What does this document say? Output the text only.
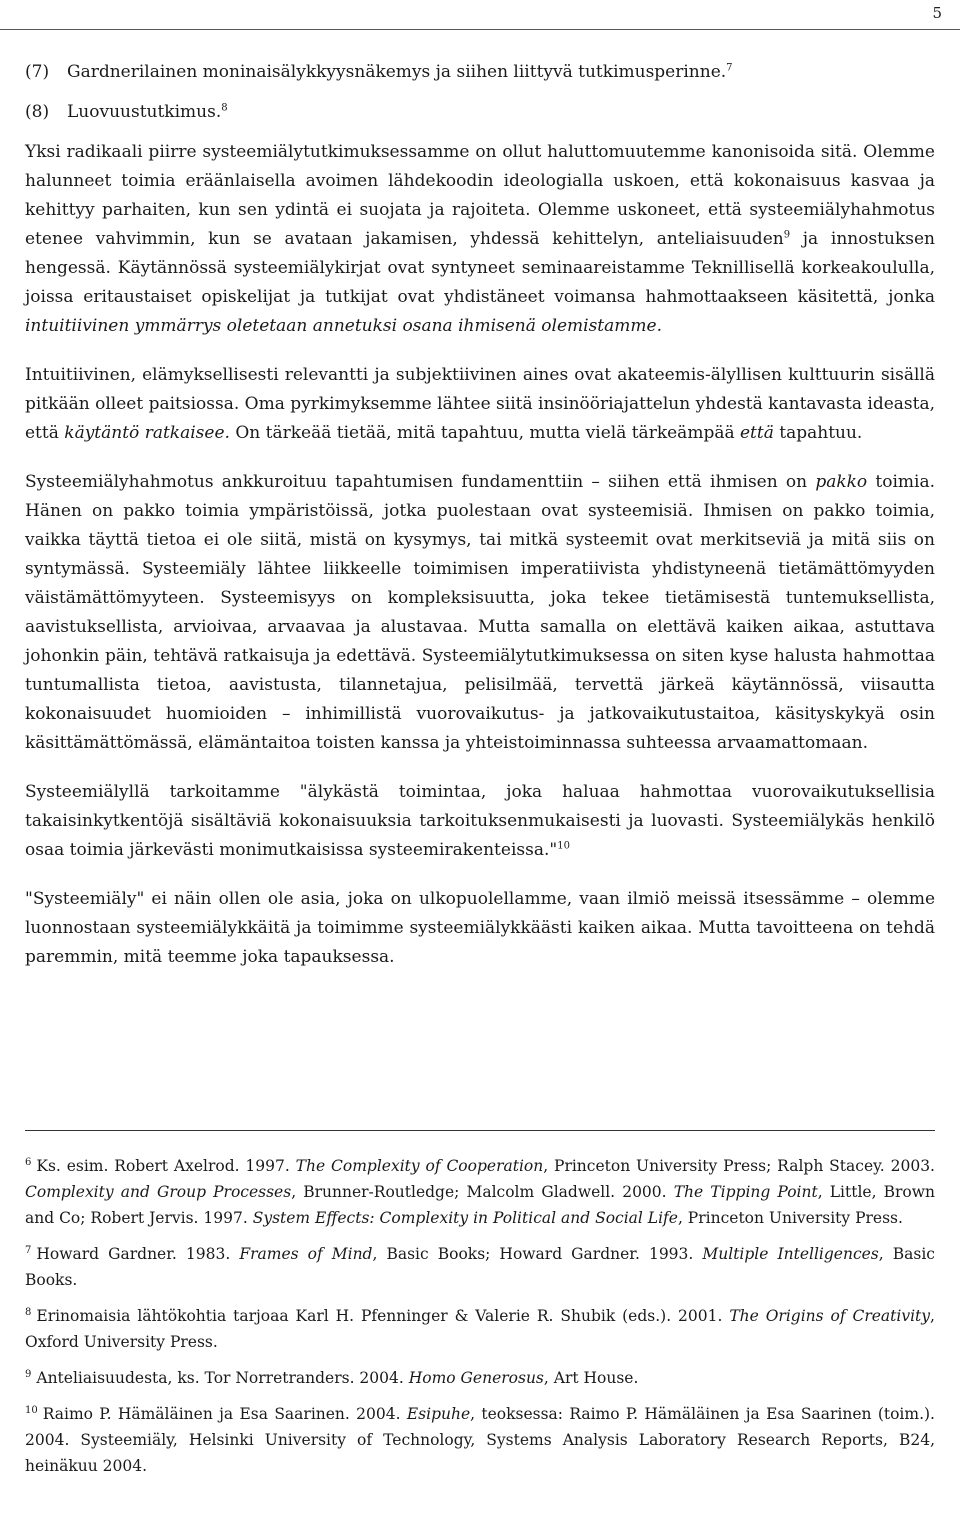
5
(7)	Gardnerilainen moninaisälykkyysnäkemys ja siihen liittyvä tutkimusperinne.$^7$
(8)	Luovuustutkimus.$^8$

Yksi radikaali piirre systeemiälytutkimuksessamme on ollut haluttomuutemme kanonisoida sitä. Olemme halunneet toimia eräänlaisella avoimen lähdekoodin ideologialla uskoen, että kokonaisuus kasvaa ja kehittyy parhaiten, kun sen ydintä ei suojata ja rajoiteta. Olemme uskoneet, että systeemiälyhahmotus etenee vahvimmin, kun se avataan jakamisen, yhdessä kehittelyn, anteliaisuuden$^9$ ja innostuksen hengessä. Käytännössä systeemiälykirjat ovat syntyneet seminaareistamme Teknillisellä korkeakoululla, joissa eritaustaiset opiskelijat ja tutkijat ovat yhdistäneet voimansa hahmottaakseen käsitettä, jonka intuitiivinen ymmärrys oletetaan annetuksi osana ihmisenä olemistamme.

Intuitiivinen, elämyksellisesti relevantti ja subjektiivinen aines ovat akateemis-älyllisen kulttuurin sisällä pitkään olleet paitsiossa. Oma pyrkimyksemme lähtee siitä insinööriajattelun yhdestä kantavasta ideasta, että käytäntö ratkaisee. On tärkeää tietää, mitä tapahtuu, mutta vielä tärkeämpää että tapahtuu.

Systeemiälyhahmotus ankkuroituu tapahtumisen fundamenttiin – siihen että ihmisen on pakko toimia. Hänen on pakko toimia ympäristöissä, jotka puolestaan ovat systeemisiä. Ihmisen on pakko toimia, vaikka täyttä tietoa ei ole siitä, mistä on kysymys, tai mitkä systeemit ovat merkitseviä ja mitä siis on syntymässä. Systeemiäly lähtee liikkeelle toimimisen imperatiivista yhdistyneenä tietämättömyyden väistämättömyyteen. Systeemisyys on kompleksisuutta, joka tekee tietämisestä tuntemuksellista, aavistuksellista, arvioivaa, arvaavaa ja alustavaa. Mutta samalla on elettävä kaiken aikaa, astuttava johonkin päin, tehtävä ratkaisuja ja edettävä. Systeemiälytutkimuksessa on siten kyse halusta hahmottaa tuntumallista tietoa, aavistusta, tilannetajua, pelisilmää, tervettä järkeä käytännössä, viisautta kokonaisuudet huomioiden – inhimillistä vuorovaikutus- ja jatkovaikutustaitoa, käsityskykyä osin käsittämättömässä, elämäntaitoa toisten kanssa ja yhteistoiminnassa suhteessa arvaamattomaan.

Systeemiälyllä tarkoitamme "älykästä toimintaa, joka haluaa hahmottaa vuorovaikutuksellisia takaisinkytkentöjä sisältäviä kokonaisuuksia tarkoituksenmukaisesti ja luovasti. Systeemiälykäs henkilö osaa toimia järkevästi monimutkaisissa systeemirakenteissa."$^{10}$

"Systeemiäly" ei näin ollen ole asia, joka on ulkopuolellamme, vaan ilmiö meissä itsessämme – olemme luonnostaan systeemiälykkäitä ja toimimme systeemiälykkäästi kaiken aikaa. Mutta tavoitteena on tehdä paremmin, mitä teemme joka tapauksessa.

$^6$ Ks. esim. Robert Axelrod. 1997. The Complexity of Cooperation, Princeton University Press; Ralph Stacey. 2003. Complexity and Group Processes, Brunner-Routledge; Malcolm Gladwell. 2000. The Tipping Point, Little, Brown and Co; Robert Jervis. 1997. System Effects: Complexity in Political and Social Life, Princeton University Press.
$^7$ Howard Gardner. 1983. Frames of Mind, Basic Books; Howard Gardner. 1993. Multiple Intelligences, Basic Books.
$^8$ Erinomaisia lähtökohtia tarjoaa Karl H. Pfenninger & Valerie R. Shubik (eds.). 2001. The Origins of Creativity, Oxford University Press.
$^9$ Anteliaisuudesta, ks. Tor Norretranders. 2004. Homo Generosus, Art House.
$^{10}$ Raimo P. Hämäläinen ja Esa Saarinen. 2004. Esipuhe, teoksessa: Raimo P. Hämäläinen ja Esa Saarinen (toim.). 2004. Systeemiäly, Helsinki University of Technology, Systems Analysis Laboratory Research Reports, B24, heinäkuu 2004.
